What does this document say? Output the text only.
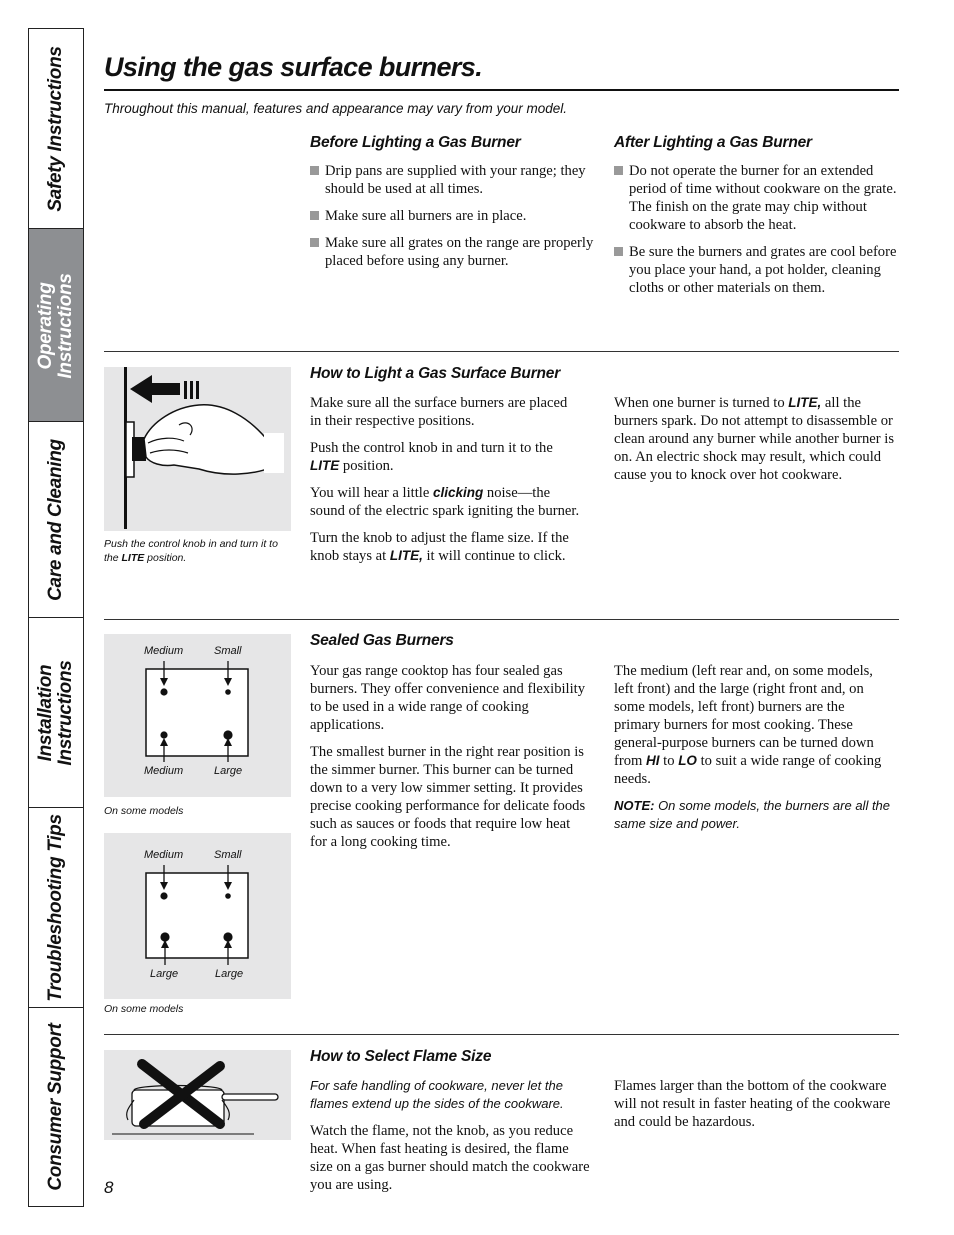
Safety Instructions
Operating Instructions
Care and Cleaning
Installation Instructions
Troubleshooting Tips
Consumer Support
Using the gas surface burners.
Throughout this manual, features and appearance may vary from your model.
Before Lighting a Gas Burner
Drip pans are supplied with your range; they should be used at all times.
Make sure all burners are in place.
Make sure all grates on the range are properly placed before using any burner.
After Lighting a Gas Burner
Do not operate the burner for an extended period of time without cookware on the grate. The finish on the grate may chip without cookware to absorb the heat.
Be sure the burners and grates are cool before you place your hand, a pot holder, cleaning cloths or other materials on them.
Push the control knob in and turn it to the LITE position.
How to Light a Gas Surface Burner

Make sure all the surface burners are placed in their respective positions.

Push the control knob in and turn it to the LITE position.

You will hear a little clicking noise—the sound of the electric spark igniting the burner.

Turn the knob to adjust the flame size. If the knob stays at LITE, it will continue to click.

When one burner is turned to LITE, all the burners spark. Do not attempt to disassemble or clean around any burner while another burner is on. An electric shock may result, which could cause you to knock over hot cookware.

Medium	Small
Medium	Large
On some models
Medium	Small
Large	Large
On some models
Sealed Gas Burners

Your gas range cooktop has four sealed gas burners. They offer convenience and flexibility to be used in a wide range of cooking applications.

The smallest burner in the right rear position is the simmer burner. This burner can be turned down to a very low simmer setting. It provides precise cooking performance for delicate foods such as sauces or foods that require low heat for a long cooking time.

The medium (left rear and, on some models, left front) and the large (right front and, on some models, left front) burners are the primary burners for most cooking. These general-purpose burners can be turned down from HI to LO to suit a wide range of cooking needs.

NOTE: On some models, the burners are all the same size and power.

How to Select Flame Size

For safe handling of cookware, never let the flames extend up the sides of the cookware.

Watch the flame, not the knob, as you reduce heat. When fast heating is desired, the flame size on a gas burner should match the cookware you are using.

Flames larger than the bottom of the cookware will not result in faster heating of the cookware and could be hazardous.

8
